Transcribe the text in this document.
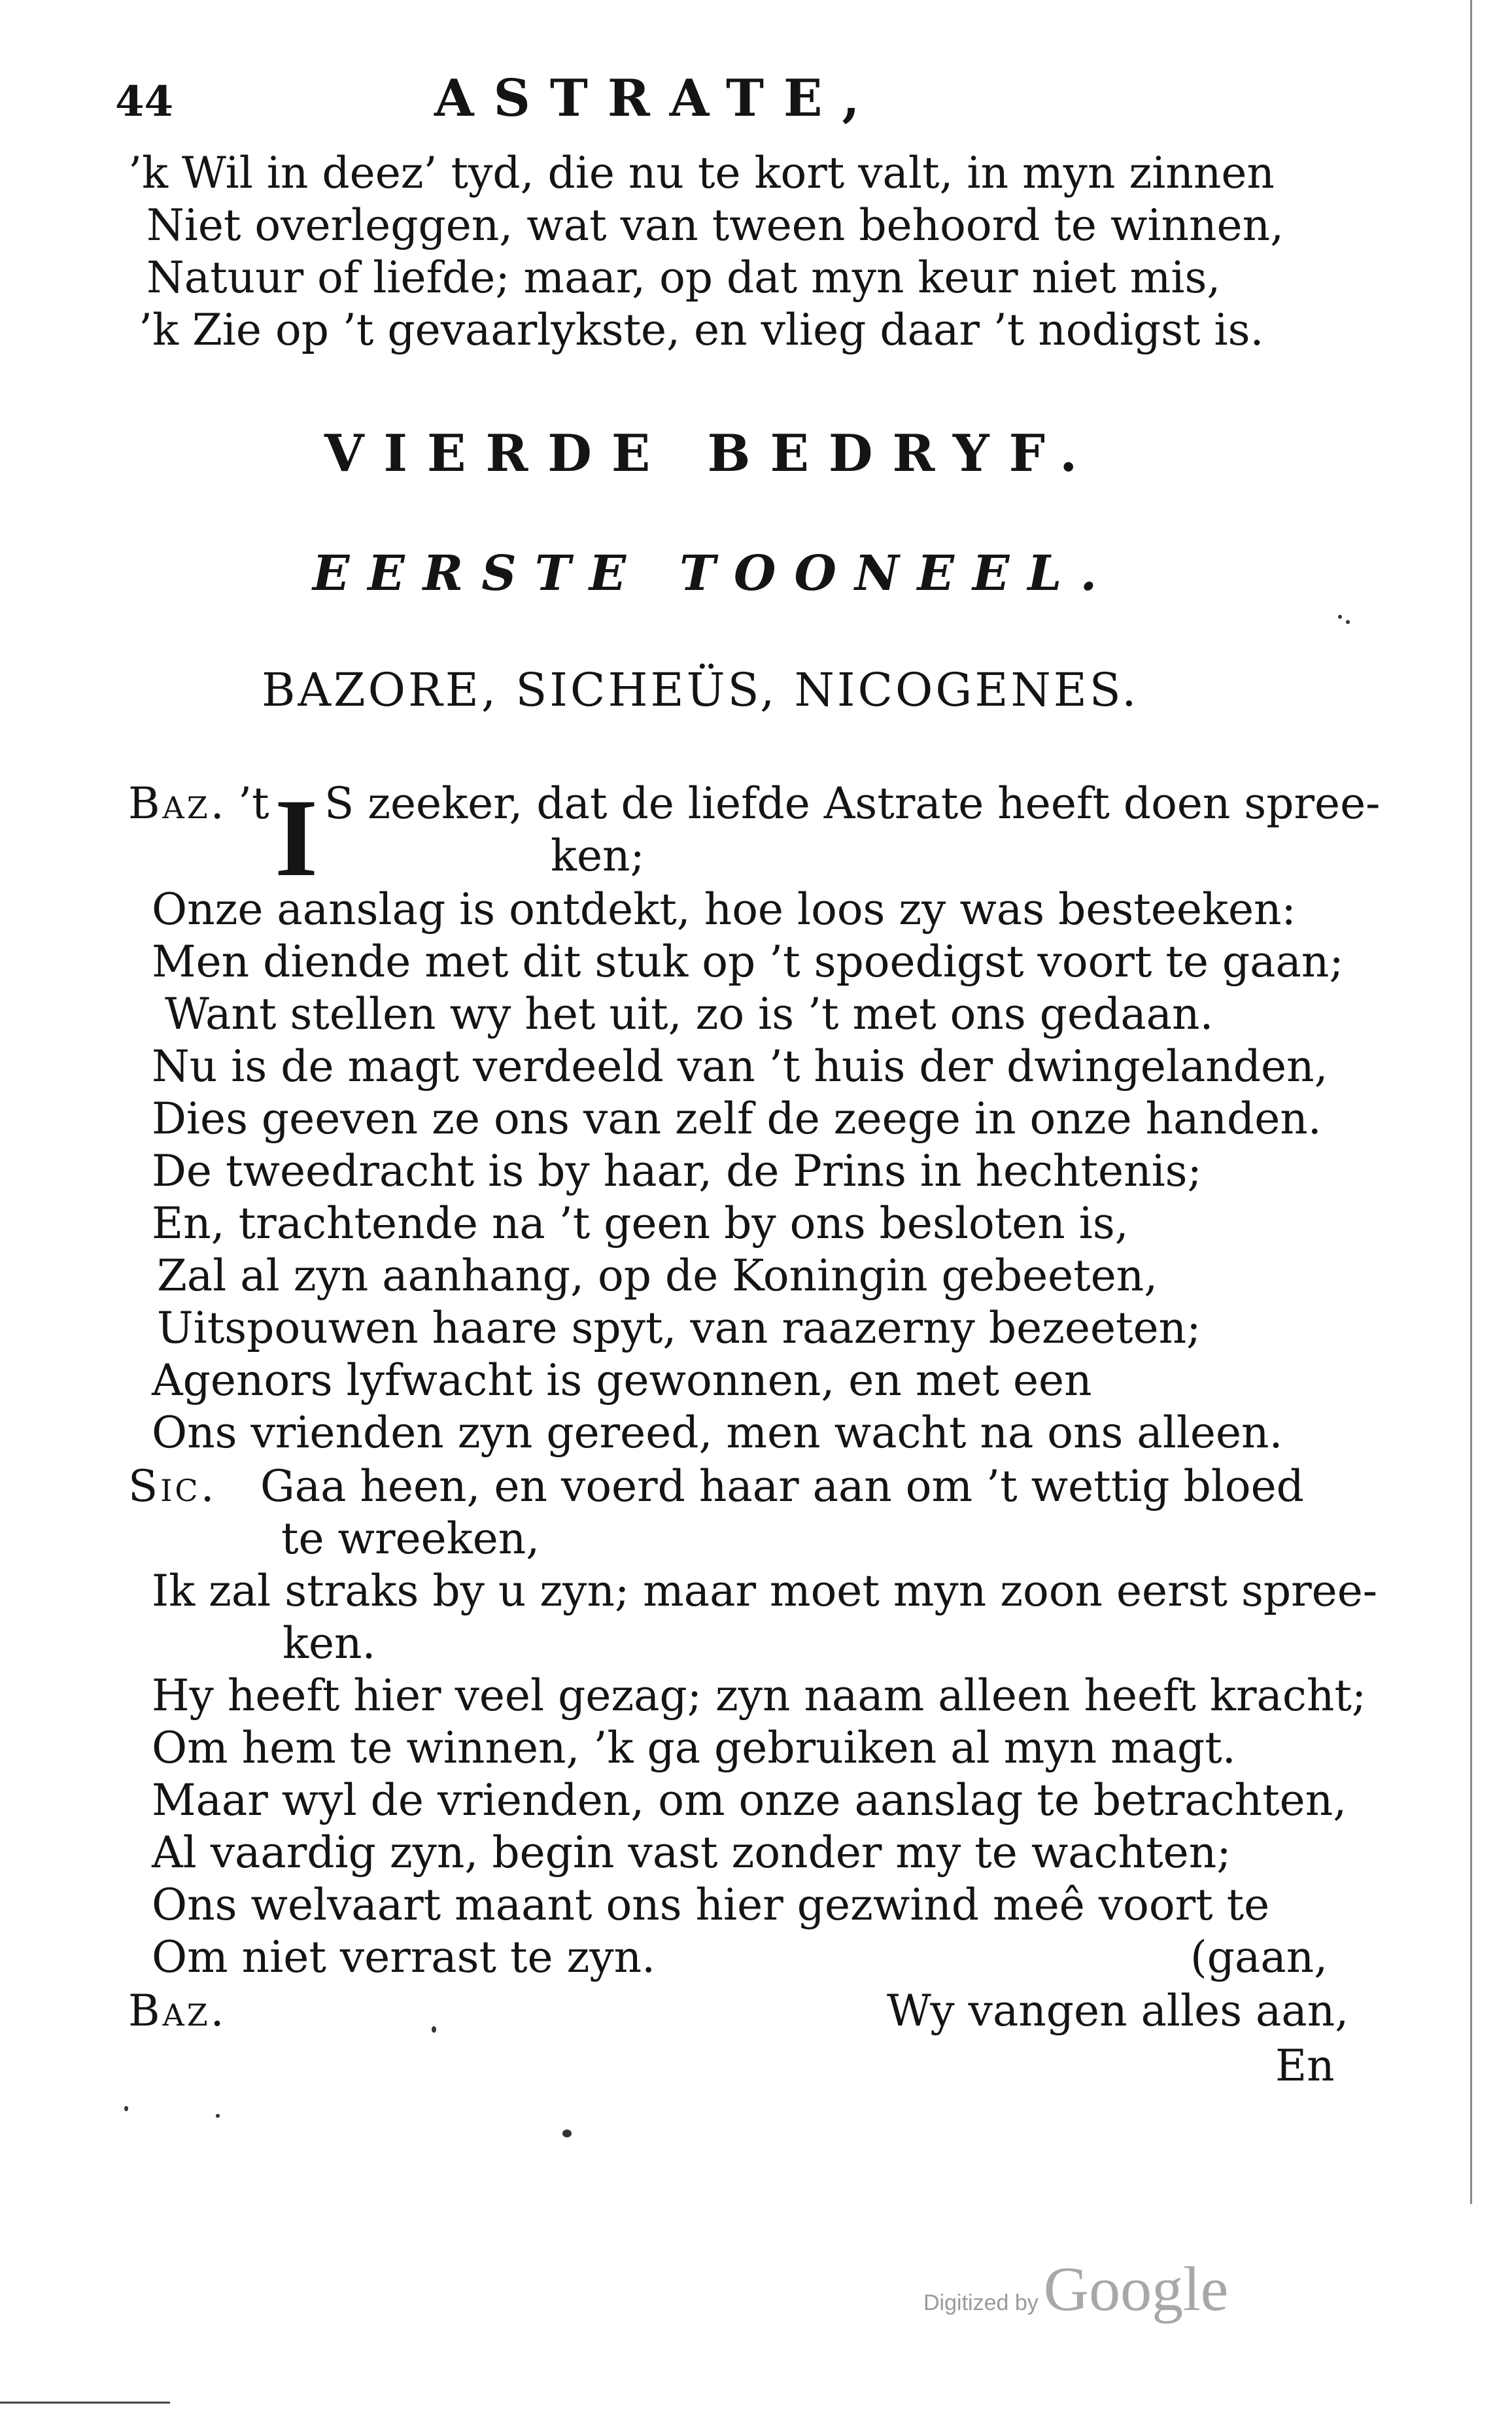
44	ASTRATE,
’k Wil in deez’ tyd, die nu te kort valt, in myn zinnen
Niet overleggen, wat van tween behoord te winnen,
Natuur of liefde; maar, op dat myn keur niet mis,
’k Zie op ’t gevaarlykste, en vlieg daar ’t nodigst is.
VIERDE BEDRYF.
EERSTE TOONEEL.
BAZORE, SICHEÜS, NICOGENES.
Baz. ’t I S zeeker, dat de liefde Astrate heeft doen spree-
ken;
Onze aanslag is ontdekt, hoe loos zy was besteeken:
Men diende met dit stuk op ’t spoedigst voort te gaan;
Want stellen wy het uit, zo is ’t met ons gedaan.
Nu is de magt verdeeld van ’t huis der dwingelanden,
Dies geeven ze ons van zelf de zeege in onze handen.
De tweedracht is by haar, de Prins in hechtenis;
En, trachtende na ’t geen by ons besloten is,
Zal al zyn aanhang, op de Koningin gebeeten,
Uitspouwen haare spyt, van raazerny bezeeten;
Agenors lyfwacht is gewonnen, en met een
Ons vrienden zyn gereed, men wacht na ons alleen.
Sic. Gaa heen, en voerd haar aan om ’t wettig bloed
te wreeken,
Ik zal straks by u zyn; maar moet myn zoon eerst spree-
ken.
Hy heeft hier veel gezag; zyn naam alleen heeft kracht;
Om hem te winnen, ’k ga gebruiken al myn magt.
Maar wyl de vrienden, om onze aanslag te betrachten,
Al vaardig zyn, begin vast zonder my te wachten;
Ons welvaart maant ons hier gezwind meê voort te
Om niet verrast te zyn.	(gaan,
Baz.	Wy vangen alles aan,
En
Digitized by Google
